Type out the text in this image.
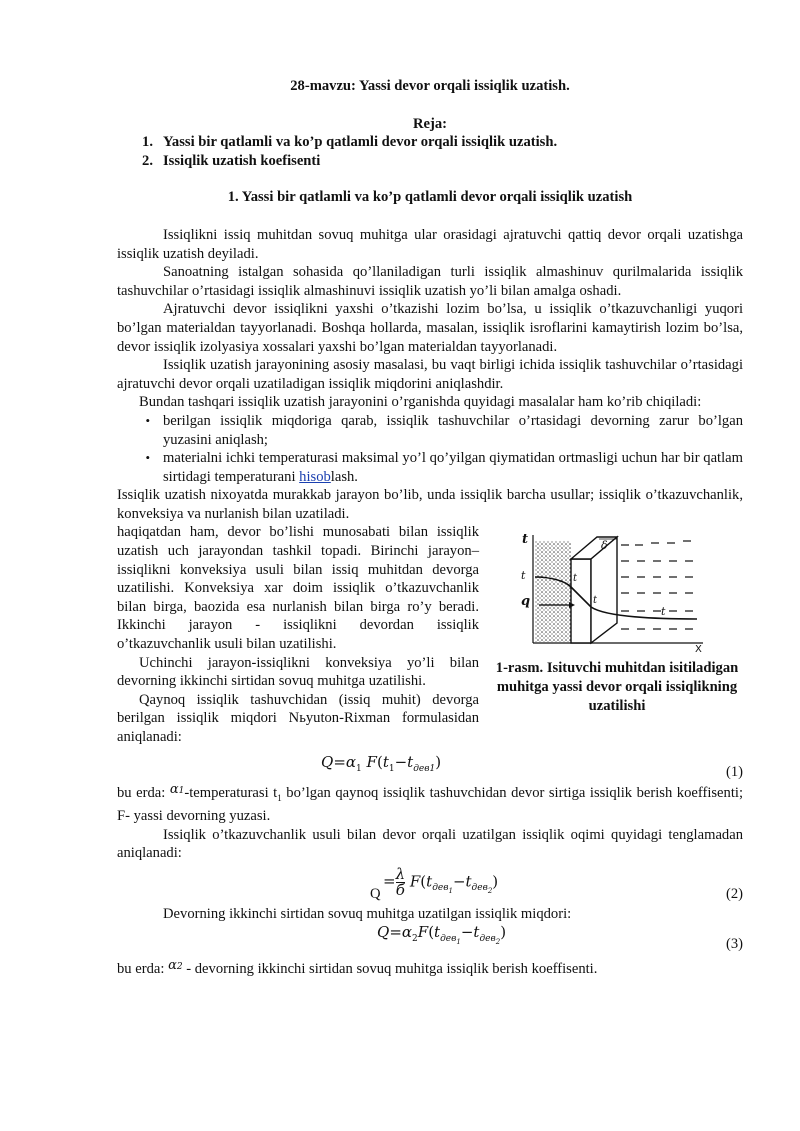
28-mavzu: Yassi devor orqali issiqlik uzatish.

Reja:

1. Yassi bir qatlamli va ko’p qatlamli devor orqali issiqlik uzatish.
2. Issiqlik uzatish koefisenti

1. Yassi bir qatlamli va ko’p qatlamli devor orqali issiqlik uzatish

Issiqlikni issiq muhitdan sovuq muhitga ular orasidagi ajratuvchi qattiq devor orqali uzatishga issiqlik uzatish deyiladi.

Sanoatning istalgan sohasida qo’llaniladigan turli issiqlik almashinuv qurilmalarida issiqlik tashuvchilar o’rtasidagi issiqlik almashinuvi issiqlik uzatish yo’li bilan amalga oshadi.

Ajratuvchi devor issiqlikni yaxshi o’tkazishi lozim bo’lsa, u issiqlik o’tkazuvchanligi yuqori bo’lgan materialdan tayyorlanadi. Boshqa hollarda, masalan, issiqlik isroflarini kamaytirish lozim bo’lsa, devor issiqlik izolyasiya xossalari yaxshi bo’lgan materialdan tayyorlanadi.

Issiqlik uzatish jarayonining asosiy masalasi, bu vaqt birligi ichida issiqlik tashuvchilar o’rtasidagi ajratuvchi devor orqali uzatiladigan issiqlik miqdorini aniqlashdir.

Bundan tashqari issiqlik uzatish jarayonini o’rganishda quyidagi masalalar ham ko’rib chiqiladi:

• berilgan issiqlik miqdoriga qarab, issiqlik tashuvchilar o’rtasidagi devorning zarur bo’lgan yuzasini aniqlash;
• materialni ichki temperaturasi maksimal yo’l qo’yilgan qiymatidan ortmasligi uchun har bir qatlam sirtidagi temperaturani hisoblash.

Issiqlik uzatish nixoyatda murakkab jarayon bo’lib, unda issiqlik barcha usullar; issiqlik o’tkazuvchanlik, konveksiya va nurlanish bilan uzatiladi.

haqiqatdan ham, devor bo’lishi munosabati bilan issiqlik uzatish uch jarayondan tashkil topadi. Birinchi jarayon–issiqlikni konveksiya usuli bilan issiq muhitdan devorga uzatilishi. Konveksiya xar doim issiqlik o’tkazuvchanlik bilan birga, baozida esa nurlanish bilan birga ro’y beradi. Ikkinchi jarayon - issiqlikni devordan issiqlik o’tkazuvchanlik usuli bilan uzatilishi.

Uchinchi jarayon-issiqlikni konveksiya yo’li bilan devorning ikkinchi sirtidan sovuq muhitga uzatilishi.

Qaynoq issiqlik tashuvchidan (issiq muhit) devorga berilgan issiqlik miqdori Nьyuton-Rixman formulasidan aniqlanadi:

t	δ
t
q
t
t
t
X
1-rasm. Isituvchi muhitdan isitiladigan muhitga yassi devor orqali issiqlikning uzatilishi
$Q=\alpha_1$ $F(t_1-t_{дев1})$
(1)

bu erda: $\alpha_1$-temperaturasi $t_1$ bo’lgan qaynoq issiqlik tashuvchidan devor sirtiga issiqlik berish koeffisenti; F- yassi devorning yuzasi.

Issiqlik o’tkazuvchanlik usuli bilan devor orqali uzatilgan issiqlik oqimi quyidagi tenglamadan aniqlanadi:

Q
= λ
б $F(t_{дев_1}-t_{дев_2})$
(2)

Devorning ikkinchi sirtidan sovuq muhitga uzatilgan issiqlik miqdori:

$Q=\alpha_2F(t_{дев_1}-t_{дев_2})$
(3)

bu erda: $\alpha_2$ - devorning ikkinchi sirtidan sovuq muhitga issiqlik berish koeffisenti.
